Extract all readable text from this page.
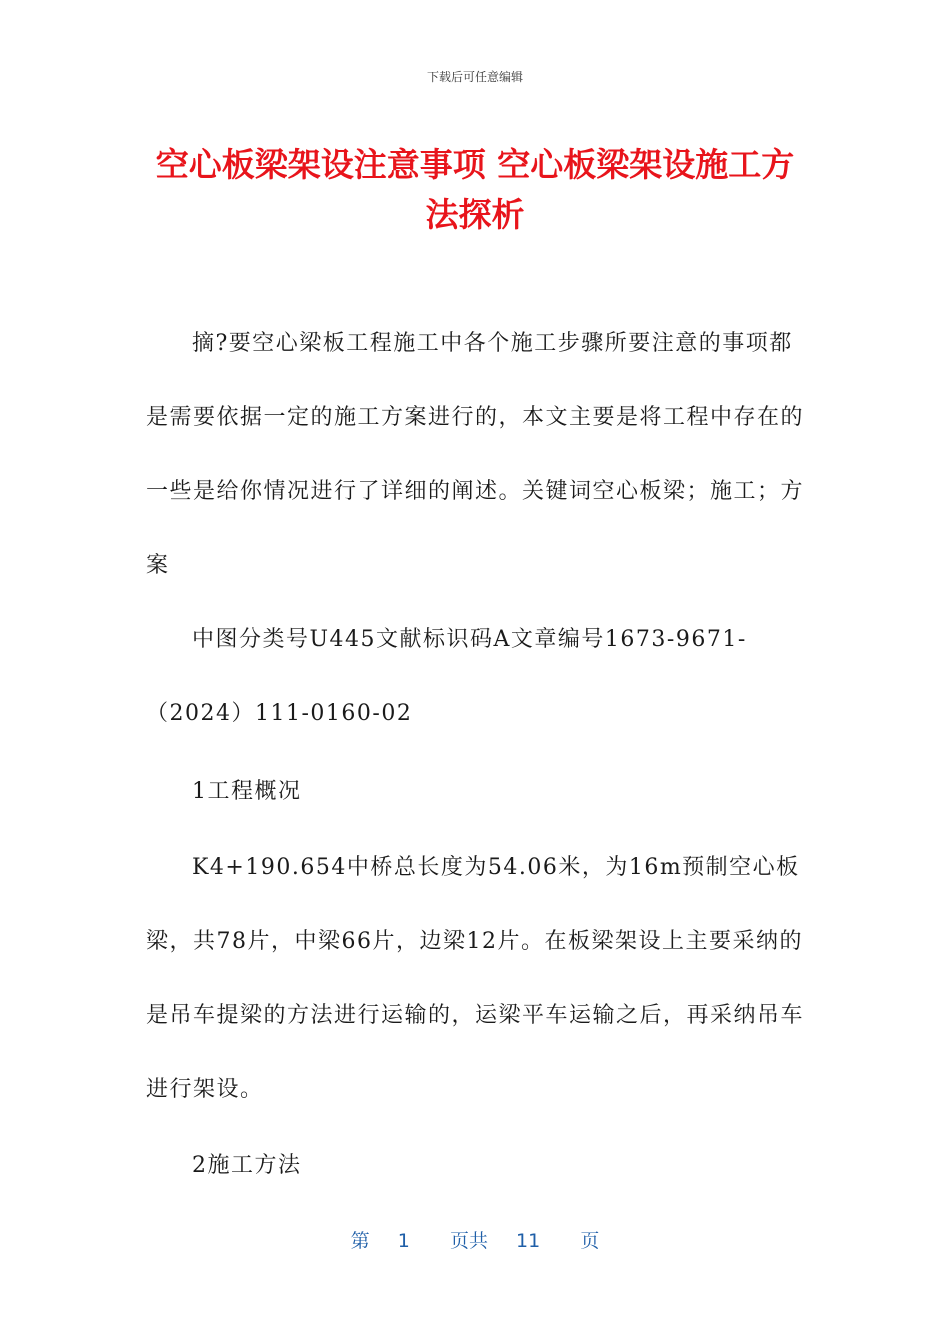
下载后可任意编辑
空心板梁架设注意事项 空心板梁架设施工方法探析

摘?要空心梁板工程施工中各个施工步骤所要注意的事项都是需要依据一定的施工方案进行的，本文主要是将工程中存在的一些是给你情况进行了详细的阐述。关键词空心板梁；施工；方案

中图分类号U445文献标识码A文章编号1673-9671-（2024）111-0160-02

1工程概况

K4+190.654中桥总长度为54.06米，为16m预制空心板梁，共78片，中梁66片，边梁12片。在板梁架设上主要采纳的是吊车提梁的方法进行运输的，运梁平车运输之后，再采纳吊车进行架设。

2施工方法

第 1 页共 11 页
